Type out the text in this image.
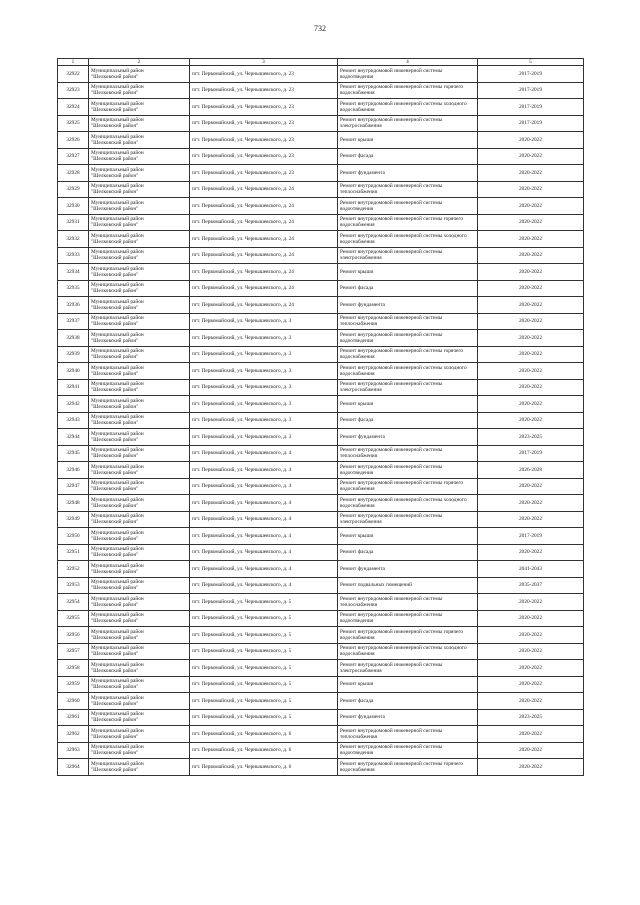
732
1	2	3	4	5
32922	Муниципальный район
"Шелковский район"	пгт. Первомайский, ул. Чернышевского, д. 23	Ремонт внутридомовой инженерной системы водоотведения	2017-2019
32923	Муниципальный район
"Шелковский район"	пгт. Первомайский, ул. Чернышевского, д. 23	Ремонт внутридомовой инженерной системы горячего водоснабжения	2017-2019
32924	Муниципальный район
"Шелковский район"	пгт. Первомайский, ул. Чернышевского, д. 23	Ремонт внутридомовой инженерной системы холодного водоснабжения	2017-2019
32925	Муниципальный район
"Шелковский район"	пгт. Первомайский, ул. Чернышевского, д. 23	Ремонт внутридомовой инженерной системы электроснабжения	2017-2019
32926	Муниципальный район
"Шелковский район"	пгт. Первомайский, ул. Чернышевского, д. 23	Ремонт крыши	2020-2022
32927	Муниципальный район
"Шелковский район"	пгт. Первомайский, ул. Чернышевского, д. 23	Ремонт фасада	2020-2022
32928	Муниципальный район
"Шелковский район"	пгт. Первомайский, ул. Чернышевского, д. 23	Ремонт фундамента	2020-2022
32929	Муниципальный район
"Шелковский район"	пгт. Первомайский, ул. Чернышевского, д. 24	Ремонт внутридомовой инженерной системы теплоснабжения	2020-2022
32930	Муниципальный район
"Шелковский район"	пгт. Первомайский, ул. Чернышевского, д. 24	Ремонт внутридомовой инженерной системы водоотведения	2020-2022
32931	Муниципальный район
"Шелковский район"	пгт. Первомайский, ул. Чернышевского, д. 24	Ремонт внутридомовой инженерной системы горячего водоснабжения	2020-2022
32932	Муниципальный район
"Шелковский район"	пгт. Первомайский, ул. Чернышевского, д. 24	Ремонт внутридомовой инженерной системы холодного водоснабжения	2020-2022
32933	Муниципальный район
"Шелковский район"	пгт. Первомайский, ул. Чернышевского, д. 24	Ремонт внутридомовой инженерной системы электроснабжения	2020-2022
32934	Муниципальный район
"Шелковский район"	пгт. Первомайский, ул. Чернышевского, д. 24	Ремонт крыши	2020-2022
32935	Муниципальный район
"Шелковский район"	пгт. Первомайский, ул. Чернышевского, д. 24	Ремонт фасада	2020-2022
32936	Муниципальный район
"Шелковский район"	пгт. Первомайский, ул. Чернышевского, д. 24	Ремонт фундамента	2020-2022
32937	Муниципальный район
"Шелковский район"	пгт. Первомайский, ул. Чернышевского, д. 3	Ремонт внутридомовой инженерной системы теплоснабжения	2020-2022
32938	Муниципальный район
"Шелковский район"	пгт. Первомайский, ул. Чернышевского, д. 3	Ремонт внутридомовой инженерной системы водоотведения	2020-2022
32939	Муниципальный район
"Шелковский район"	пгт. Первомайский, ул. Чернышевского, д. 3	Ремонт внутридомовой инженерной системы горячего водоснабжения	2020-2022
32940	Муниципальный район
"Шелковский район"	пгт. Первомайский, ул. Чернышевского, д. 3	Ремонт внутридомовой инженерной системы холодного водоснабжения	2020-2022
32941	Муниципальный район
"Шелковский район"	пгт. Первомайский, ул. Чернышевского, д. 3	Ремонт внутридомовой инженерной системы электроснабжения	2020-2022
32942	Муниципальный район
"Шелковский район"	пгт. Первомайский, ул. Чернышевского, д. 3	Ремонт крыши	2020-2022
32943	Муниципальный район
"Шелковский район"	пгт. Первомайский, ул. Чернышевского, д. 3	Ремонт фасада	2020-2022
32944	Муниципальный район
"Шелковский район"	пгт. Первомайский, ул. Чернышевского, д. 3	Ремонт фундамента	2023-2025
32945	Муниципальный район
"Шелковский район"	пгт. Первомайский, ул. Чернышевского, д. 4	Ремонт внутридомовой инженерной системы теплоснабжения	2017-2019
32946	Муниципальный район
"Шелковский район"	пгт. Первомайский, ул. Чернышевского, д. 4	Ремонт внутридомовой инженерной системы водоотведения	2026-2028
32947	Муниципальный район
"Шелковский район"	пгт. Первомайский, ул. Чернышевского, д. 4	Ремонт внутридомовой инженерной системы горячего водоснабжения	2020-2022
32948	Муниципальный район
"Шелковский район"	пгт. Первомайский, ул. Чернышевского, д. 4	Ремонт внутридомовой инженерной системы холодного водоснабжения	2020-2022
32949	Муниципальный район
"Шелковский район"	пгт. Первомайский, ул. Чернышевского, д. 4	Ремонт внутридомовой инженерной системы электроснабжения	2020-2022
32950	Муниципальный район
"Шелковский район"	пгт. Первомайский, ул. Чернышевского, д. 4	Ремонт крыши	2017-2019
32951	Муниципальный район
"Шелковский район"	пгт. Первомайский, ул. Чернышевского, д. 4	Ремонт фасада	2020-2022
32952	Муниципальный район
"Шелковский район"	пгт. Первомайский, ул. Чернышевского, д. 4	Ремонт фундамента	2041-2043
32953	Муниципальный район
"Шелковский район"	пгт. Первомайский, ул. Чернышевского, д. 4	Ремонт подвальных помещений	2035-2037
32954	Муниципальный район
"Шелковский район"	пгт. Первомайский, ул. Чернышевского, д. 5	Ремонт внутридомовой инженерной системы теплоснабжения	2020-2022
32955	Муниципальный район
"Шелковский район"	пгт. Первомайский, ул. Чернышевского, д. 5	Ремонт внутридомовой инженерной системы водоотведения	2020-2022
32956	Муниципальный район
"Шелковский район"	пгт. Первомайский, ул. Чернышевского, д. 5	Ремонт внутридомовой инженерной системы горячего водоснабжения	2020-2022
32957	Муниципальный район
"Шелковский район"	пгт. Первомайский, ул. Чернышевского, д. 5	Ремонт внутридомовой инженерной системы холодного водоснабжения	2020-2022
32958	Муниципальный район
"Шелковский район"	пгт. Первомайский, ул. Чернышевского, д. 5	Ремонт внутридомовой инженерной системы электроснабжения	2020-2022
32959	Муниципальный район
"Шелковский район"	пгт. Первомайский, ул. Чернышевского, д. 5	Ремонт крыши	2020-2022
32960	Муниципальный район
"Шелковский район"	пгт. Первомайский, ул. Чернышевского, д. 5	Ремонт фасада	2020-2022
32961	Муниципальный район
"Шелковский район"	пгт. Первомайский, ул. Чернышевского, д. 5	Ремонт фундамента	2023-2025
32962	Муниципальный район
"Шелковский район"	пгт. Первомайский, ул. Чернышевского, д. 6	Ремонт внутридомовой инженерной системы теплоснабжения	2020-2022
32963	Муниципальный район
"Шелковский район"	пгт. Первомайский, ул. Чернышевского, д. 6	Ремонт внутридомовой инженерной системы водоотведения	2020-2022
32964	Муниципальный район
"Шелковский район"	пгт. Первомайский, ул. Чернышевского, д. 6	Ремонт внутридомовой инженерной системы горячего водоснабжения	2020-2022
